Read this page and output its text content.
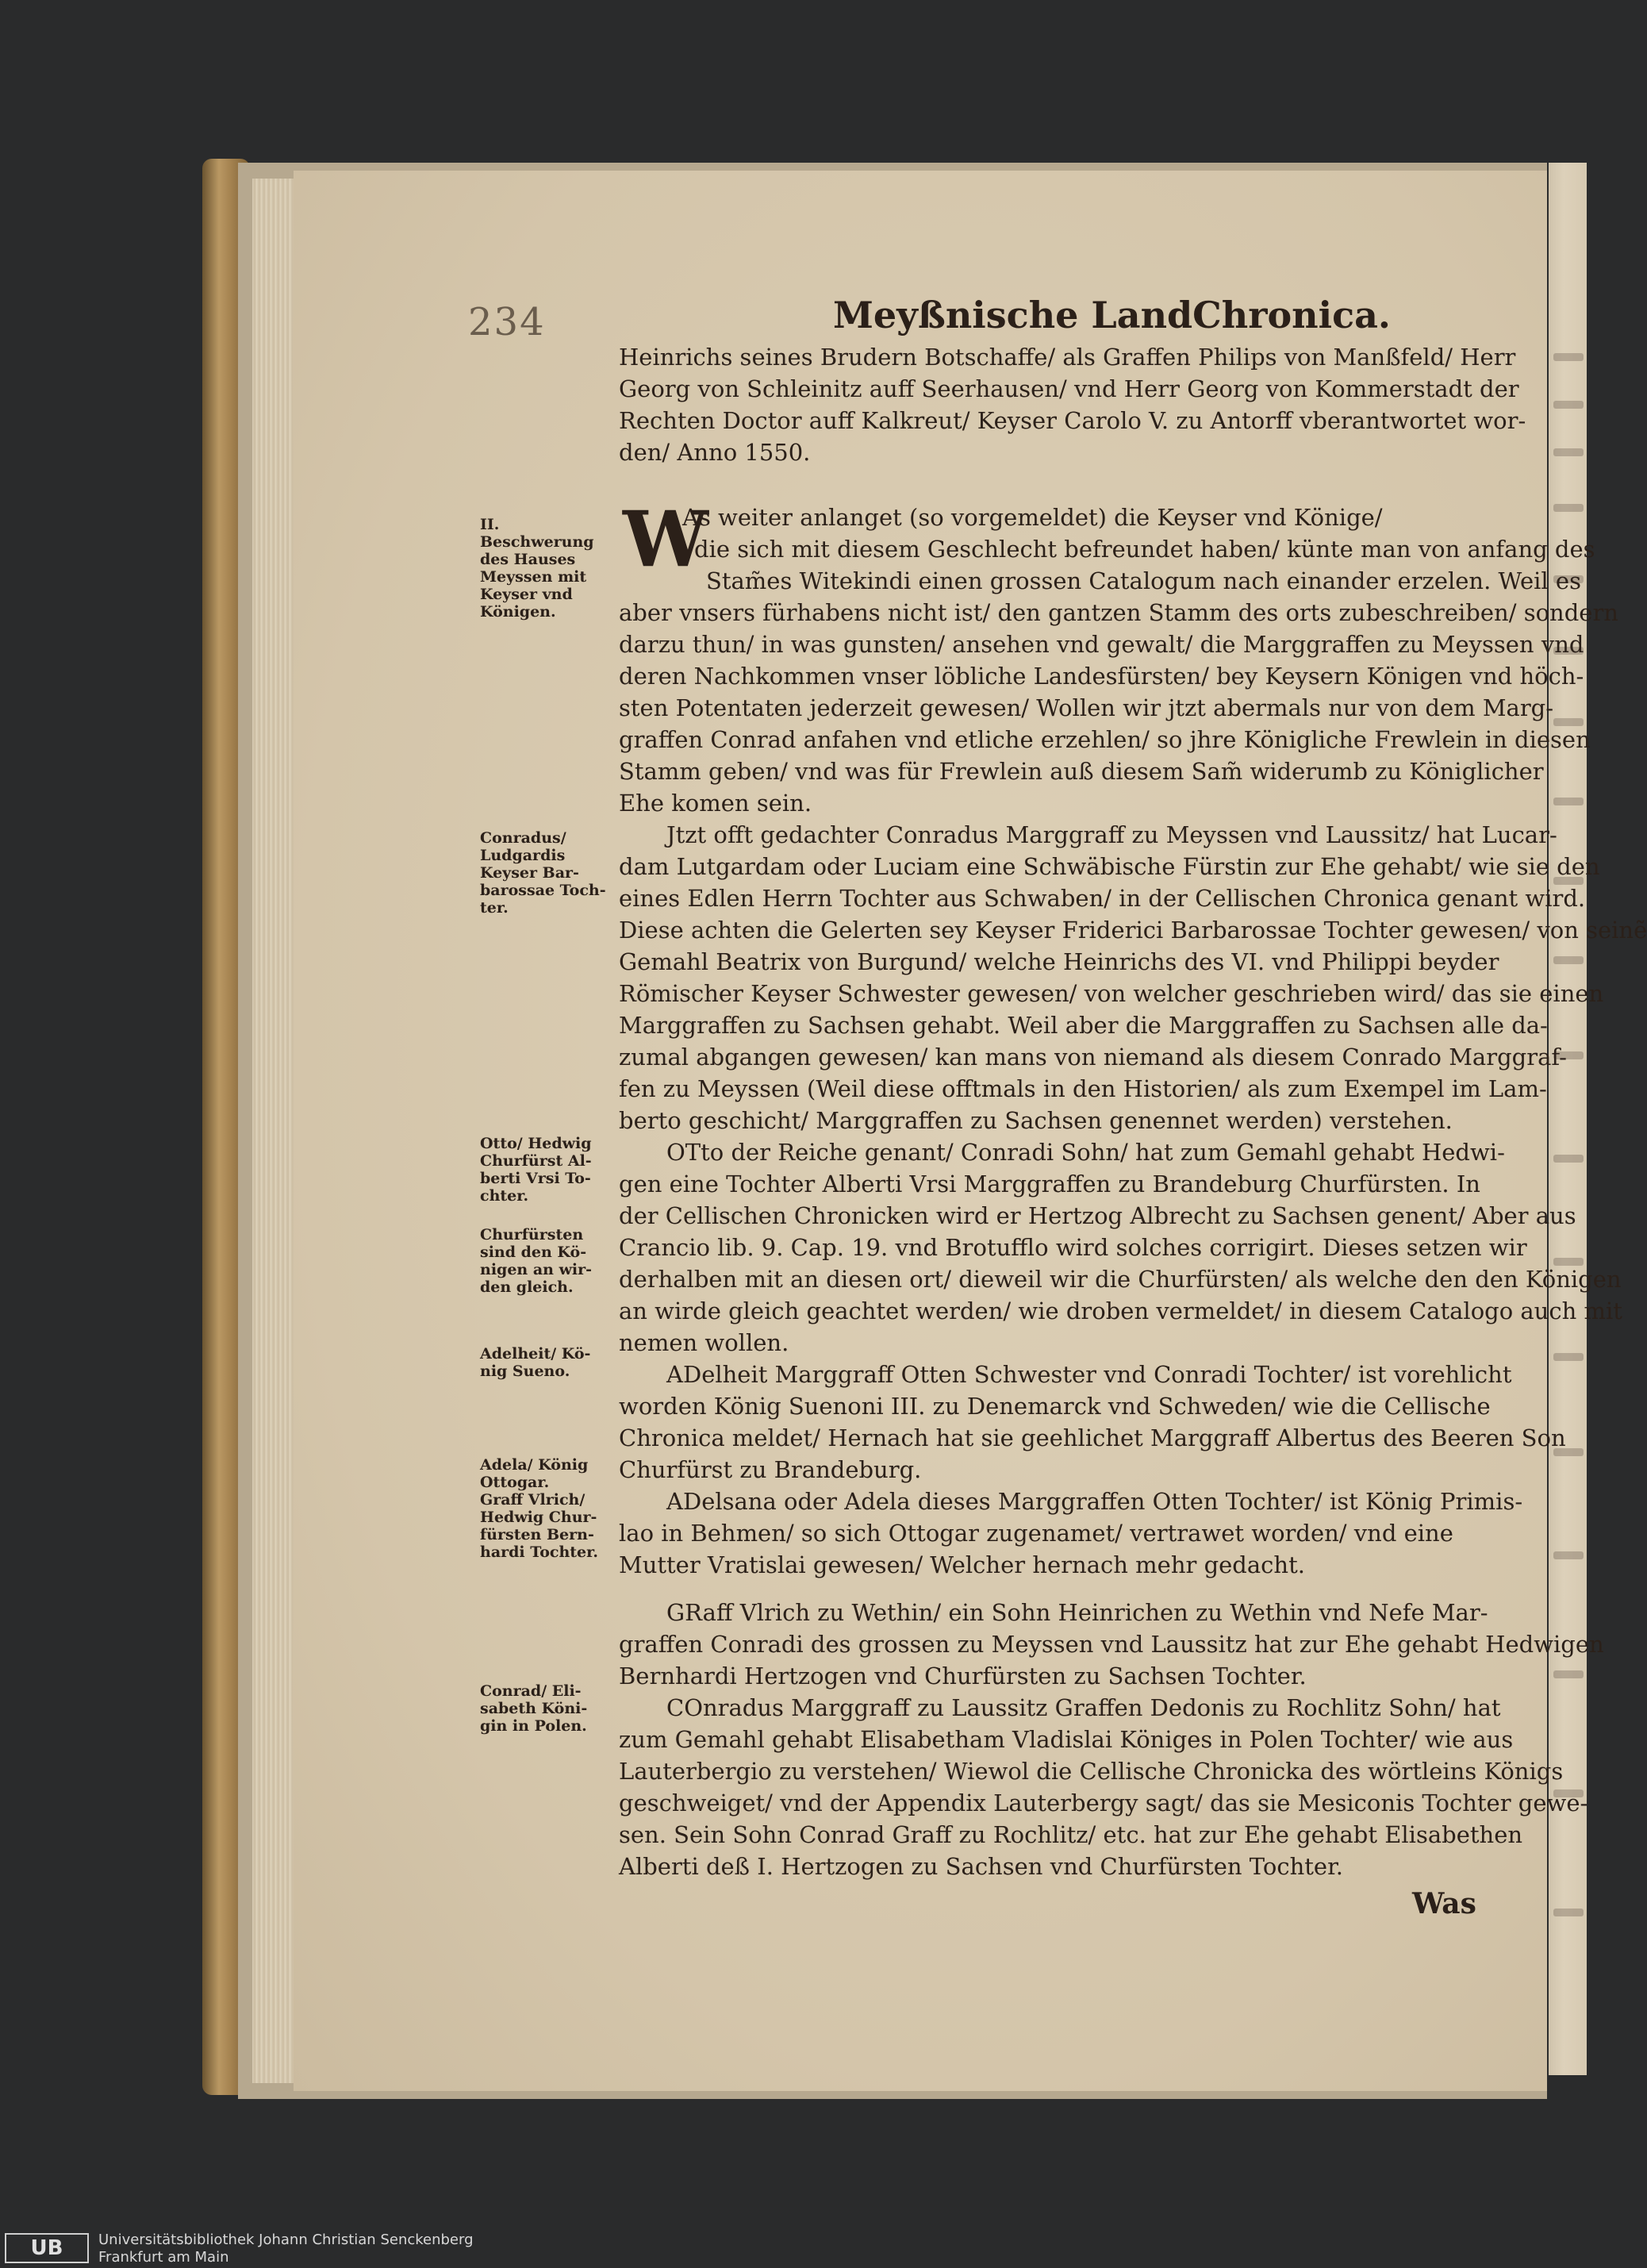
234	Meyßnische LandChronica.
W
Heinrichs seines Brudern Botschaffe/ als Graffen Philips von Manßfeld/ Herr
Georg von Schleinitz auff Seerhausen/ vnd Herr Georg von Kommerstadt der
Rechten Doctor auff Kalkreut/ Keyser Carolo V. zu Antorff vberantwortet wor-
den/ Anno 1550.
As weiter anlanget (so vorgemeldet) die Keyser vnd Könige/
die sich mit diesem Geschlecht befreundet haben/ künte man von anfang des
Stam̃es Witekindi einen grossen Catalogum nach einander erzelen. Weil es
aber vnsers fürhabens nicht ist/ den gantzen Stamm des orts zubeschreiben/ sondern
darzu thun/ in was gunsten/ ansehen vnd gewalt/ die Marggraffen zu Meyssen vnd
deren Nachkommen vnser löbliche Landesfürsten/ bey Keysern Königen vnd höch-
sten Potentaten jederzeit gewesen/ Wollen wir jtzt abermals nur von dem Marg-
graffen Conrad anfahen vnd etliche erzehlen/ so jhre Königliche Frewlein in diesen
Stamm geben/ vnd was für Frewlein auß diesem Sam̃ widerumb zu Königlicher
Ehe komen sein.
Jtzt offt gedachter Conradus Marggraff zu Meyssen vnd Laussitz/ hat Lucar-
dam Lutgardam oder Luciam eine Schwäbische Fürstin zur Ehe gehabt/ wie sie den
eines Edlen Herrn Tochter aus Schwaben/ in der Cellischen Chronica genant wird.
Diese achten die Gelerten sey Keyser Friderici Barbarossae Tochter gewesen/ von seinẽ
Gemahl Beatrix von Burgund/ welche Heinrichs des VI. vnd Philippi beyder
Römischer Keyser Schwester gewesen/ von welcher geschrieben wird/ das sie einen
Marggraffen zu Sachsen gehabt. Weil aber die Marggraffen zu Sachsen alle da-
zumal abgangen gewesen/ kan mans von niemand als diesem Conrado Marggraf-
fen zu Meyssen (Weil diese offtmals in den Historien/ als zum Exempel im Lam-
berto geschicht/ Marggraffen zu Sachsen genennet werden) verstehen.
OTto der Reiche genant/ Conradi Sohn/ hat zum Gemahl gehabt Hedwi-
gen eine Tochter Alberti Vrsi Marggraffen zu Brandeburg Churfürsten. In
der Cellischen Chronicken wird er Hertzog Albrecht zu Sachsen genent/ Aber aus
Crancio lib. 9. Cap. 19. vnd Brotufflo wird solches corrigirt. Dieses setzen wir
derhalben mit an diesen ort/ dieweil wir die Churfürsten/ als welche den den Königen
an wirde gleich geachtet werden/ wie droben vermeldet/ in diesem Catalogo auch mit
nemen wollen.
ADelheit Marggraff Otten Schwester vnd Conradi Tochter/ ist vorehlicht
worden König Suenoni III. zu Denemarck vnd Schweden/ wie die Cellische
Chronica meldet/ Hernach hat sie geehlichet Marggraff Albertus des Beeren Son
Churfürst zu Brandeburg.
ADelsana oder Adela dieses Marggraffen Otten Tochter/ ist König Primis-
lao in Behmen/ so sich Ottogar zugenamet/ vertrawet worden/ vnd eine
Mutter Vratislai gewesen/ Welcher hernach mehr gedacht.
GRaff Vlrich zu Wethin/ ein Sohn Heinrichen zu Wethin vnd Nefe Mar-
graffen Conradi des grossen zu Meyssen vnd Laussitz hat zur Ehe gehabt Hedwigen
Bernhardi Hertzogen vnd Churfürsten zu Sachsen Tochter.
COnradus Marggraff zu Laussitz Graffen Dedonis zu Rochlitz Sohn/ hat
zum Gemahl gehabt Elisabetham Vladislai Königes in Polen Tochter/ wie aus
Lauterbergio zu verstehen/ Wiewol die Cellische Chronicka des wörtleins Königs
geschweiget/ vnd der Appendix Lauterbergy sagt/ das sie Mesiconis Tochter gewe-
sen. Sein Sohn Conrad Graff zu Rochlitz/ etc. hat zur Ehe gehabt Elisabethen
Alberti deß I. Hertzogen zu Sachsen vnd Churfürsten Tochter.
II.
Beschwerung
des Hauses
Meyssen mit
Keyser vnd
Königen.
Conradus/
Ludgardis
Keyser Bar-
barossae Toch-
ter.
Otto/ Hedwig
Churfürst Al-
berti Vrsi To-
chter.
Churfürsten
sind den Kö-
nigen an wir-
den gleich.
Adelheit/ Kö-
nig Sueno.
Adela/ König
Ottogar.
Graff Vlrich/
Hedwig Chur-
fürsten Bern-
hardi Tochter.
Conrad/ Eli-
sabeth Köni-
gin in Polen.
Was
UB	Universitätsbibliothek Johann Christian Senckenberg
Frankfurt am Main
